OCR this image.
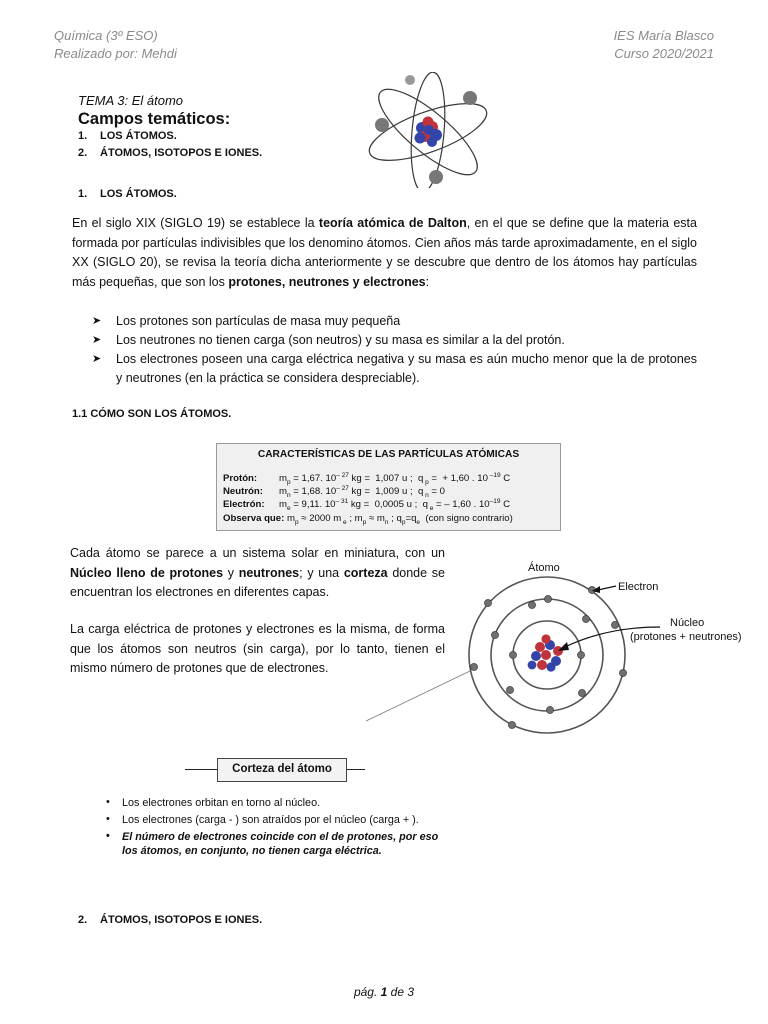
Química (3º ESO)
Realizado por: Mehdi
IES María Blasco
Curso 2020/2021
TEMA 3: El átomo
Campos temáticos:
1. LOS ÁTOMOS.
2. ÁTOMOS, ISOTOPOS E IONES.
1. LOS ÁTOMOS.
En el siglo XIX (SIGLO 19) se establece la teoría atómica de Dalton, en el que se define que la materia esta formada por partículas indivisibles que los denomino átomos. Cien años más tarde aproximadamente, en el siglo XX (SIGLO 20), se revisa la teoría dicha anteriormente y se descubre que dentro de los átomos hay partículas más pequeñas, que son los protones, neutrones y electrones:
➤ Los protones son partículas de masa muy pequeña
➤ Los neutrones no tienen carga (son neutros) y su masa es similar a la del protón.
➤ Los electrones poseen una carga eléctrica negativa y su masa es aún mucho menor que la de protones y neutrones (en la práctica se considera despreciable).
1.1 CÓMO SON LOS ÁTOMOS.
CARACTERÍSTICAS DE LAS PARTÍCULAS ATÓMICAS
Protón: $m_p = 1,67$. $10^{- 27}$ kg =  1,007 u ;  q $_p$ =  + 1,60 . 10 $^{-19}$ C
Neutrón: $m_n = 1,68$. $10^{- 27}$ kg =  1,009 u ;  q $_n$ = 0
Electrón: $m_e = 9,11$. $10^{- 31}$ kg =  0,0005 u ;  q $_e$ = – 1,60 . $10^{-19}$ C
Observa que: $m_p \approx 2000$ m $_e$ ; $m_p \approx m_n$ ; $q_p=q_e$  (con signo contrario)
Cada átomo se parece a un sistema solar en miniatura, con un Núcleo lleno de protones y neutrones; y una corteza donde se encuentran los electrones en diferentes capas.
La carga eléctrica de protones y electrones es la misma, de forma que los átomos son neutros (sin carga), por lo tanto, tienen el mismo número de protones que de electrones.
Átomo
Electron
Núcleo
(protones + neutrones)
Corteza del átomo
• Los electrones orbitan en torno al núcleo.
• Los electrones (carga - ) son atraídos por el núcleo (carga + ).
• El número de electrones coincide con el de protones, por eso los átomos, en conjunto, no tienen carga eléctrica.
2. ÁTOMOS, ISOTOPOS E IONES.
pág. 1 de 3
